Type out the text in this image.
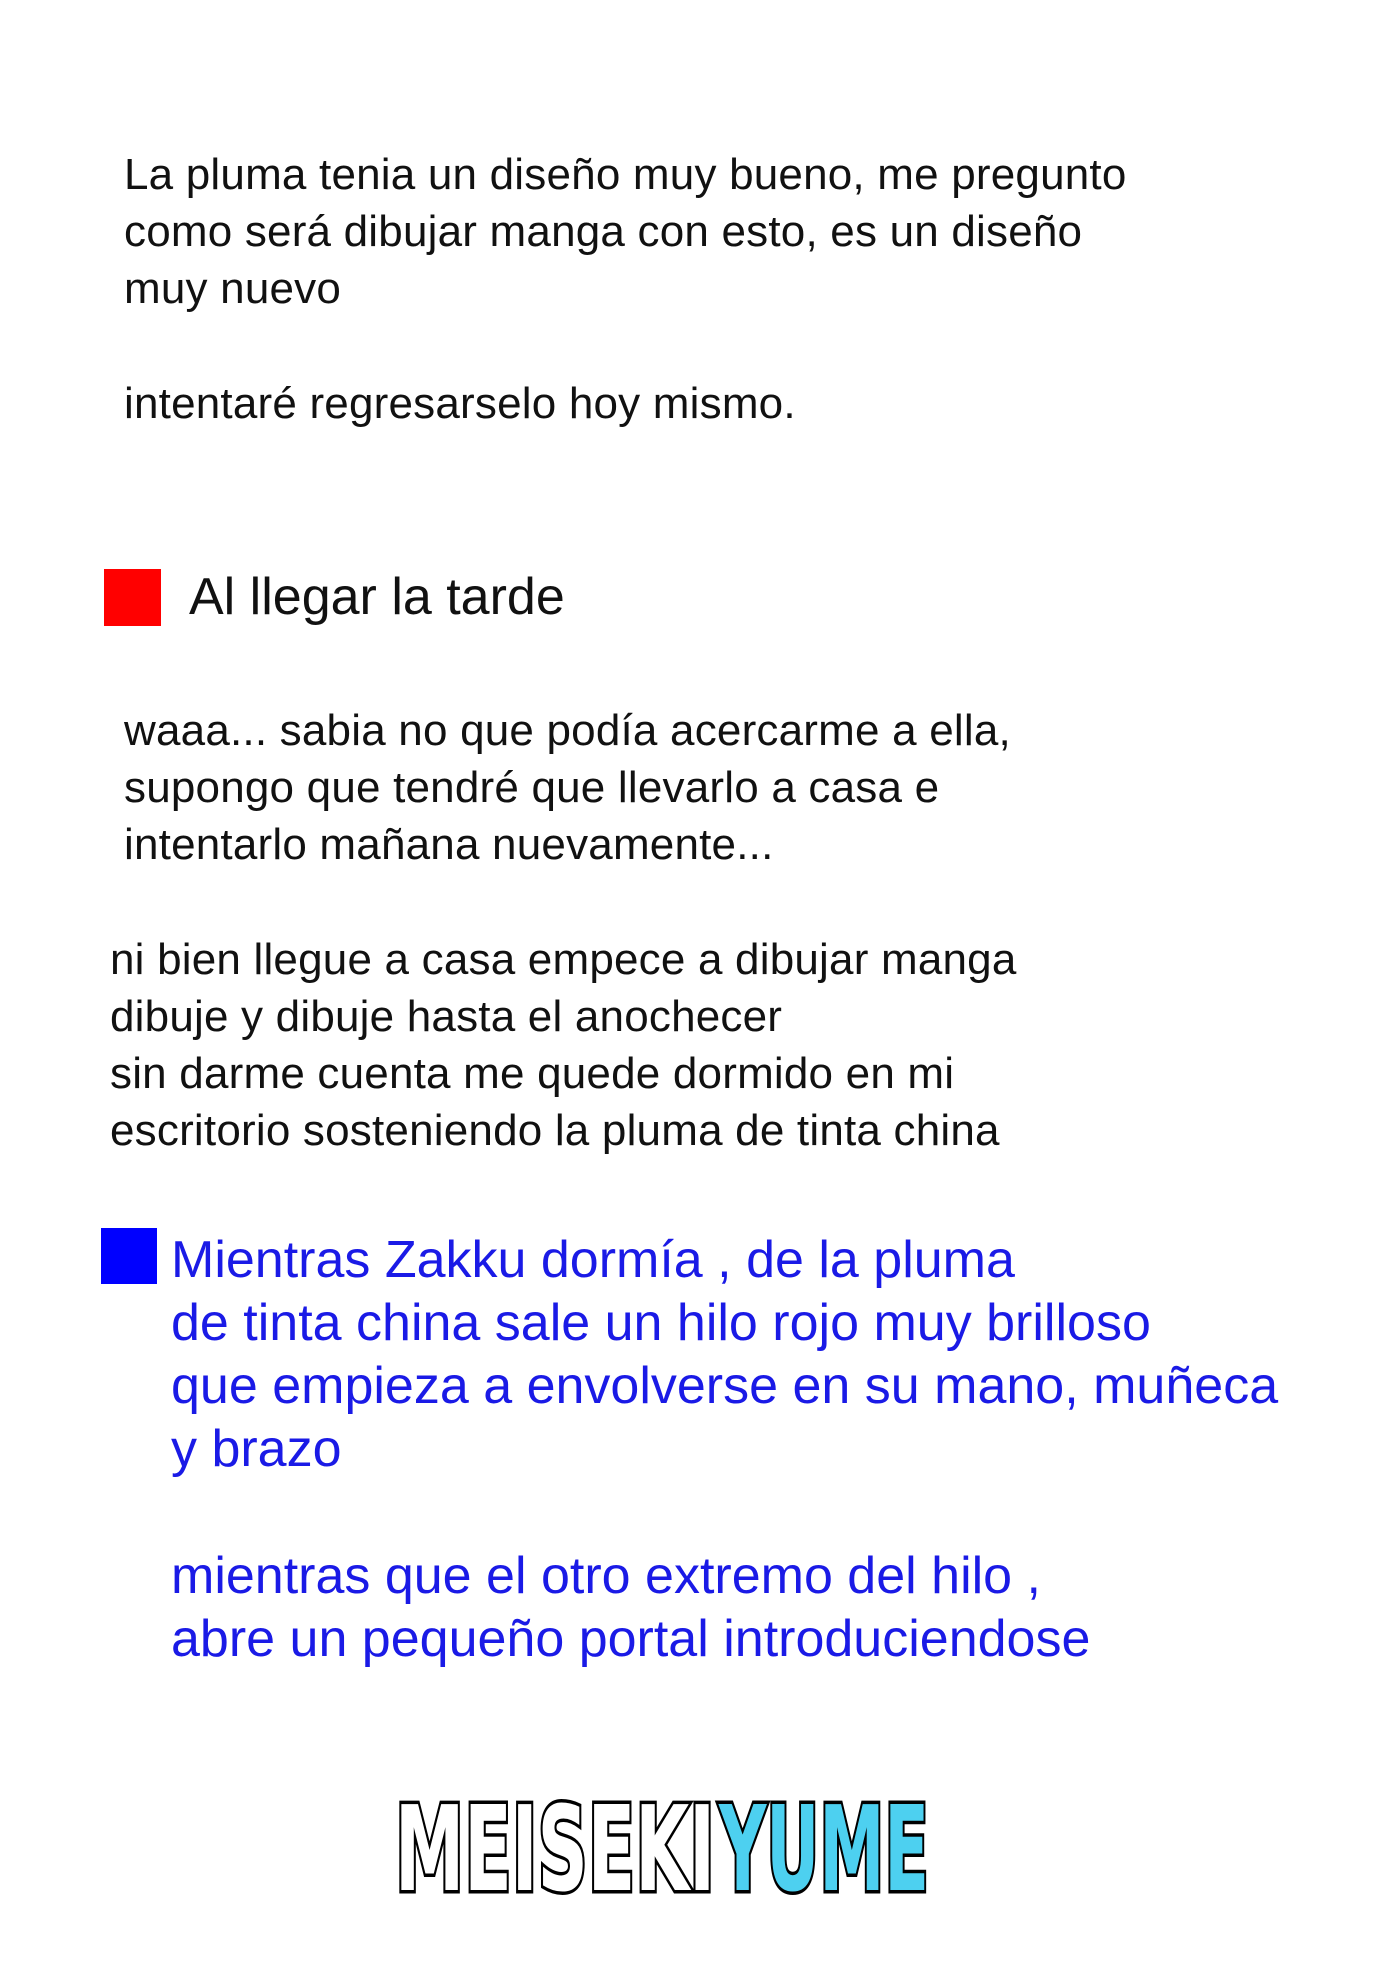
La pluma tenia un diseño muy bueno, me pregunto
como será dibujar manga con esto, es un diseño
muy nuevo

intentaré regresarselo hoy mismo.

Al llegar la tarde

waaa... sabia no que podía acercarme a ella,
supongo que tendré que llevarlo a casa e
intentarlo mañana nuevamente...

ni bien llegue a casa empece a dibujar manga
dibuje y dibuje hasta el anochecer
sin darme cuenta me quede dormido en mi
escritorio sosteniendo la pluma de tinta china

Mientras Zakku dormía , de la pluma
de tinta china sale un hilo rojo muy brilloso
que empieza a envolverse en su mano, muñeca
y brazo

mientras que el otro extremo del hilo ,
abre un pequeño portal introduciendose

MEISEKI YUME
